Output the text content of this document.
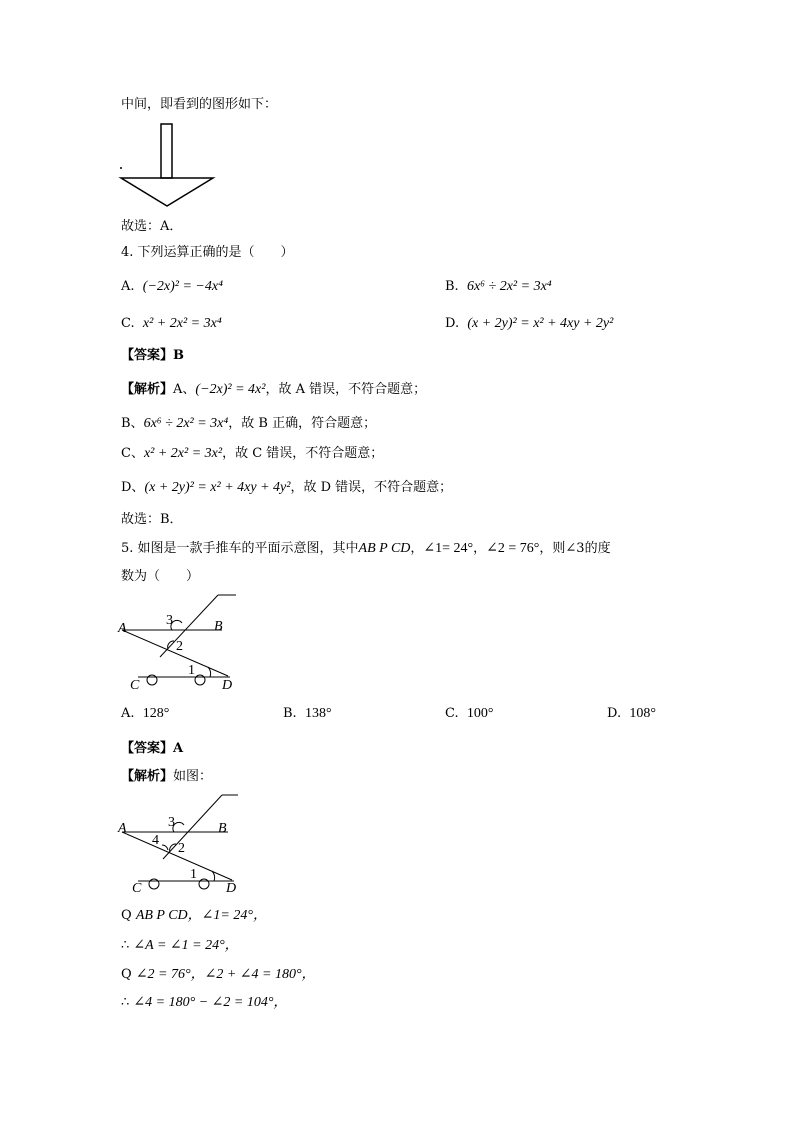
中间，即看到的图形如下：
故选：A．
4. 下列运算正确的是（　　）
A. (−2x)² = −4x⁴	B. 6x⁶ ÷ 2x² = 3x⁴
C. x² + 2x² = 3x⁴	D. (x + 2y)² = x² + 4xy + 2y²
【答案】B
【解析】A、(−2x)² = 4x²，故 A 错误，不符合题意；
B、6x⁶ ÷ 2x² = 3x⁴，故 B 正确，符合题意；
C、x² + 2x² = 3x²，故 C 错误，不符合题意；
D、(x + 2y)² = x² + 4xy + 4y²，故 D 错误，不符合题意；
故选：B．
5. 如图是一款手推车的平面示意图，其中AB P CD，∠1= 24°，∠2 = 76°，则∠3的度
数为（　　）
A	B
C	D
3
2
1
A. 128°	B. 138°	C. 100°	D. 108°
【答案】A
【解析】如图：
A	B
C	D
3
4
2
1
Q AB P CD，∠1= 24°，
∴ ∠A = ∠1 = 24°，
Q ∠2 = 76°，∠2 + ∠4 = 180°，
∴ ∠4 = 180° − ∠2 = 104°，
